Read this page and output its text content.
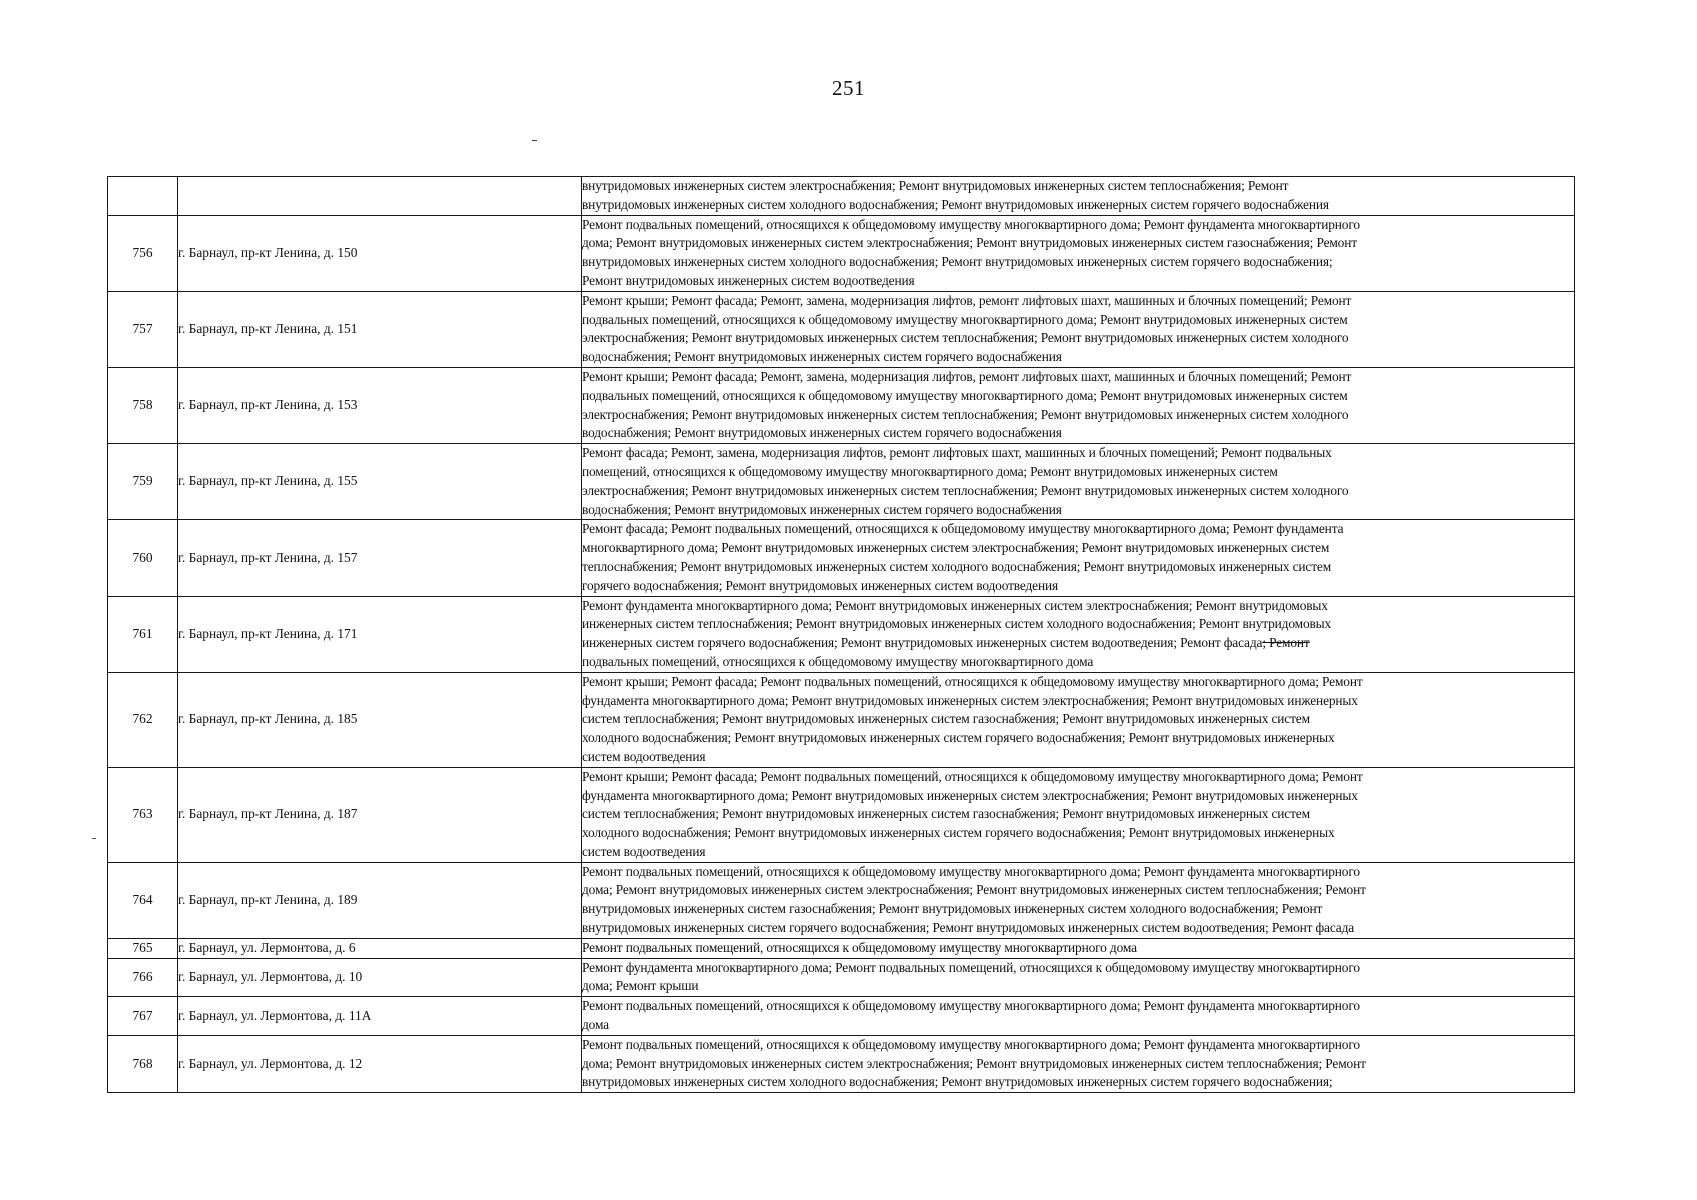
251

		внутридомовых инженерных систем электроснабжения; Ремонт внутридомовых инженерных систем теплоснабжения; Ремонт
внутридомовых инженерных систем холодного водоснабжения; Ремонт внутридомовых инженерных систем горячего водоснабжения

756	г. Барнаул, пр-кт Ленина, д. 150	Ремонт подвальных помещений, относящихся к общедомовому имуществу многоквартирного дома; Ремонт фундамента многоквартирного
дома; Ремонт внутридомовых инженерных систем электроснабжения; Ремонт внутридомовых инженерных систем газоснабжения; Ремонт
внутридомовых инженерных систем холодного водоснабжения; Ремонт внутридомовых инженерных систем горячего водоснабжения;
Ремонт внутридомовых инженерных систем водоотведения

757	г. Барнаул, пр-кт Ленина, д. 151	Ремонт крыши; Ремонт фасада; Ремонт, замена, модернизация лифтов, ремонт лифтовых шахт, машинных и блочных помещений; Ремонт
подвальных помещений, относящихся к общедомовому имуществу многоквартирного дома; Ремонт внутридомовых инженерных систем
электроснабжения; Ремонт внутридомовых инженерных систем теплоснабжения; Ремонт внутридомовых инженерных систем холодного
водоснабжения; Ремонт внутридомовых инженерных систем горячего водоснабжения

758	г. Барнаул, пр-кт Ленина, д. 153	Ремонт крыши; Ремонт фасада; Ремонт, замена, модернизация лифтов, ремонт лифтовых шахт, машинных и блочных помещений; Ремонт
подвальных помещений, относящихся к общедомовому имуществу многоквартирного дома; Ремонт внутридомовых инженерных систем
электроснабжения; Ремонт внутридомовых инженерных систем теплоснабжения; Ремонт внутридомовых инженерных систем холодного
водоснабжения; Ремонт внутридомовых инженерных систем горячего водоснабжения

759	г. Барнаул, пр-кт Ленина, д. 155	Ремонт фасада; Ремонт, замена, модернизация лифтов, ремонт лифтовых шахт, машинных и блочных помещений; Ремонт подвальных
помещений, относящихся к общедомовому имуществу многоквартирного дома; Ремонт внутридомовых инженерных систем
электроснабжения; Ремонт внутридомовых инженерных систем теплоснабжения; Ремонт внутридомовых инженерных систем холодного
водоснабжения; Ремонт внутридомовых инженерных систем горячего водоснабжения

760	г. Барнаул, пр-кт Ленина, д. 157	Ремонт фасада; Ремонт подвальных помещений, относящихся к общедомовому имуществу многоквартирного дома; Ремонт фундамента
многоквартирного дома; Ремонт внутридомовых инженерных систем электроснабжения; Ремонт внутридомовых инженерных систем
теплоснабжения; Ремонт внутридомовых инженерных систем холодного водоснабжения; Ремонт внутридомовых инженерных систем
горячего водоснабжения; Ремонт внутридомовых инженерных систем водоотведения

761	г. Барнаул, пр-кт Ленина, д. 171	Ремонт фундамента многоквартирного дома; Ремонт внутридомовых инженерных систем электроснабжения; Ремонт внутридомовых
инженерных систем теплоснабжения; Ремонт внутридомовых инженерных систем холодного водоснабжения; Ремонт внутридомовых
инженерных систем горячего водоснабжения; Ремонт внутридомовых инженерных систем водоотведения; Ремонт фасада; Ремонт
подвальных помещений, относящихся к общедомовому имуществу многоквартирного дома

762	г. Барнаул, пр-кт Ленина, д. 185	Ремонт крыши; Ремонт фасада; Ремонт подвальных помещений, относящихся к общедомовому имуществу многоквартирного дома; Ремонт
фундамента многоквартирного дома; Ремонт внутридомовых инженерных систем электроснабжения; Ремонт внутридомовых инженерных
систем теплоснабжения; Ремонт внутридомовых инженерных систем газоснабжения; Ремонт внутридомовых инженерных систем
холодного водоснабжения; Ремонт внутридомовых инженерных систем горячего водоснабжения; Ремонт внутридомовых инженерных
систем водоотведения

763	г. Барнаул, пр-кт Ленина, д. 187	Ремонт крыши; Ремонт фасада; Ремонт подвальных помещений, относящихся к общедомовому имуществу многоквартирного дома; Ремонт
фундамента многоквартирного дома; Ремонт внутридомовых инженерных систем электроснабжения; Ремонт внутридомовых инженерных
систем теплоснабжения; Ремонт внутридомовых инженерных систем газоснабжения; Ремонт внутридомовых инженерных систем
холодного водоснабжения; Ремонт внутридомовых инженерных систем горячего водоснабжения; Ремонт внутридомовых инженерных
систем водоотведения

764	г. Барнаул, пр-кт Ленина, д. 189	Ремонт подвальных помещений, относящихся к общедомовому имуществу многоквартирного дома; Ремонт фундамента многоквартирного
дома; Ремонт внутридомовых инженерных систем электроснабжения; Ремонт внутридомовых инженерных систем теплоснабжения; Ремонт
внутридомовых инженерных систем газоснабжения; Ремонт внутридомовых инженерных систем холодного водоснабжения; Ремонт
внутридомовых инженерных систем горячего водоснабжения; Ремонт внутридомовых инженерных систем водоотведения; Ремонт фасада

765	г. Барнаул, ул. Лермонтова, д. 6	Ремонт подвальных помещений, относящихся к общедомовому имуществу многоквартирного дома

766	г. Барнаул, ул. Лермонтова, д. 10	Ремонт фундамента многоквартирного дома; Ремонт подвальных помещений, относящихся к общедомовому имуществу многоквартирного
дома; Ремонт крыши

767	г. Барнаул, ул. Лермонтова, д. 11А	Ремонт подвальных помещений, относящихся к общедомовому имуществу многоквартирного дома; Ремонт фундамента многоквартирного
дома

768	г. Барнаул, ул. Лермонтова, д. 12	Ремонт подвальных помещений, относящихся к общедомовому имуществу многоквартирного дома; Ремонт фундамента многоквартирного
дома; Ремонт внутридомовых инженерных систем электроснабжения; Ремонт внутридомовых инженерных систем теплоснабжения; Ремонт
внутридомовых инженерных систем холодного водоснабжения; Ремонт внутридомовых инженерных систем горячего водоснабжения;
